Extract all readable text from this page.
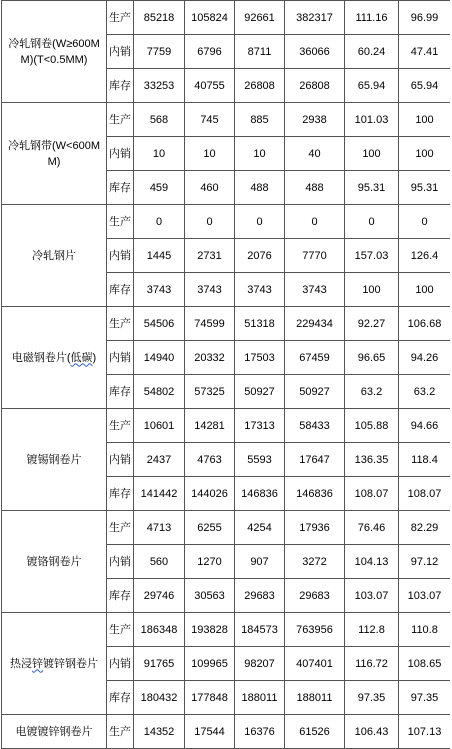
冷轧钢卷(W≥600MM)(T<0.5MM)	生产	85218	105824	92661	382317	111.16	96.99
	内销	7759	6796	8711	36066	60.24	47.41
	库存	33253	40755	26808	26808	65.94	65.94
冷轧钢带(W<600MM)	生产	568	745	885	2938	101.03	100
	内销	10	10	10	40	100	100
	库存	459	460	488	488	95.31	95.31
冷轧钢片	生产	0	0	0	0	0	0
	内销	1445	2731	2076	7770	157.03	126.4
	库存	3743	3743	3743	3743	100	100
电磁钢卷片(低碳)	生产	54506	74599	51318	229434	92.27	106.68
	内销	14940	20332	17503	67459	96.65	94.26
	库存	54802	57325	50927	50927	63.2	63.2
镀锡钢卷片	生产	10601	14281	17313	58433	105.88	94.66
	内销	2437	4763	5593	17647	136.35	118.4
	库存	141442	144026	146836	146836	108.07	108.07
镀铬钢卷片	生产	4713	6255	4254	17936	76.46	82.29
	内销	560	1270	907	3272	104.13	97.12
	库存	29746	30563	29683	29683	103.07	103.07
热浸锌镀锌钢卷片	生产	186348	193828	184573	763956	112.8	110.8
	内销	91765	109965	98207	407401	116.72	108.65
	库存	180432	177848	188011	188011	97.35	97.35
电镀镀锌钢卷片	生产	14352	17544	16376	61526	106.43	107.13
